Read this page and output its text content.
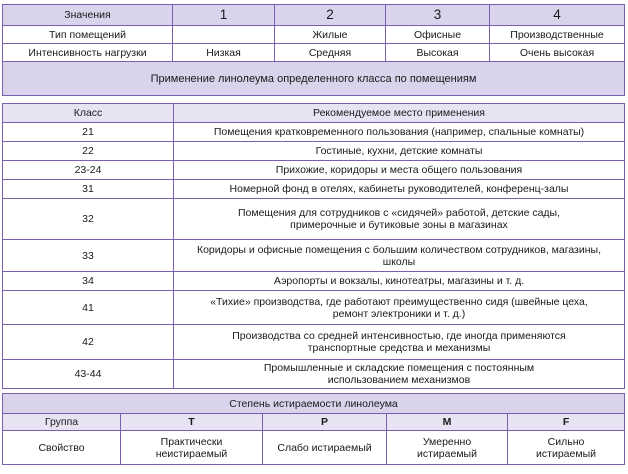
Значения	1	2	3	4
Тип помещений		Жилые	Офисные	Производственные
Интенсивность нагрузки	Низкая	Средняя	Высокая	Очень высокая
Применение линолеума определенного класса по помещениям				
Класс	Рекомендуемое место применения
21	Помещения кратковременного пользования (например, спальные комнаты)
22	Гостиные, кухни, детские комнаты
23-24	Прихожие, коридоры и места общего пользования
31	Номерной фонд в отелях, кабинеты руководителей, конференц-залы
32	Помещения для сотрудников с «сидячей» работой, детские сады, примерочные и бутиковые зоны в магазинах
33	Коридоры и офисные помещения с большим количеством сотрудников, магазины, школы
34	Аэропорты и вокзалы, кинотеатры, магазины и т. д.
41	«Тихие» производства, где работают преимущественно сидя (швейные цеха, ремонт электроники и т. д.)
42	Производства со средней интенсивностью, где иногда применяются транспортные средства и механизмы
43-44	Промышленные и складские помещения с постоянным использованием механизмов
Степень истираемости линолеума				
Группа	T	P	M	F
Свойство	Практически неистираемый	Слабо истираемый	Умеренно истираемый	Сильно истираемый
